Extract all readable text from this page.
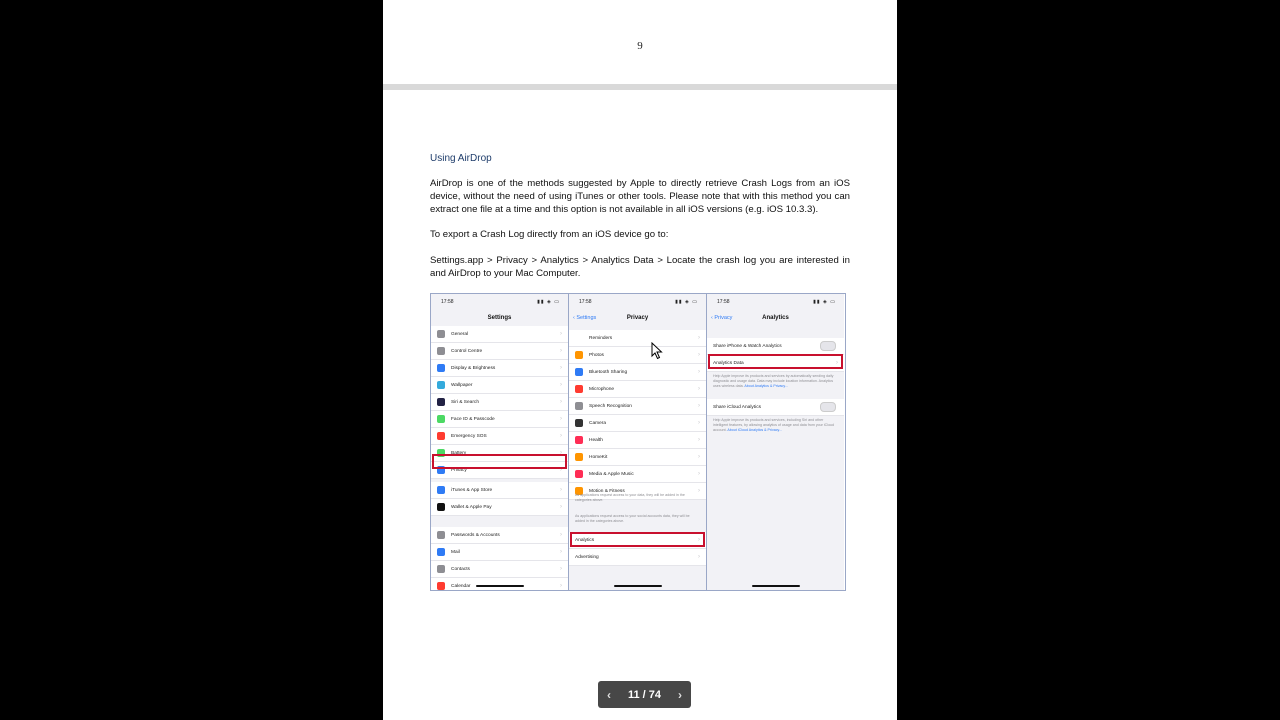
9
Using AirDrop
AirDrop is one of the methods suggested by Apple to directly retrieve Crash Logs from an iOS device, without the need of using iTunes or other tools. Please note that with this method you can extract one file at a time and this option is not available in all iOS versions (e.g. iOS 10.3.3).
To export a Crash Log directly from an iOS device go to:
Settings.app > Privacy > Analytics > Analytics Data > Locate the crash log you are interested in and AirDrop to your Mac Computer.
17:58	▮▮ ◈ ▭
Settings
General	›
Control Centre	›
Display & Brightness	›
Wallpaper	›
Siri & Search	›
Face ID & Passcode	›
Emergency SOS	›
Battery	›
Privacy	›
iTunes & App Store	›
Wallet & Apple Pay	›
Passwords & Accounts	›
Mail	›
Contacts	›
Calendar	›
17:58	▮▮ ◈ ▭
‹ Settings	Privacy
Reminders	›
Photos	›
Bluetooth Sharing	›
Microphone	›
Speech Recognition	›
Camera	›
Health	›
HomeKit	›
Media & Apple Music	›
Motion & Fitness	›
As applications request access to your data, they will be added in the categories above.
As applications request access to your social accounts data, they will be added in the categories above.
Analytics	›
Advertising	›
17:58	▮▮ ◈ ▭
‹ Privacy	Analytics
Share iPhone & Watch Analytics
Analytics Data	›
Help Apple improve its products and services by automatically sending daily diagnostic and usage data. Data may include location information. Analytics uses wireless data. About Analytics & Privacy...
Share iCloud Analytics
Help Apple improve its products and services, including Siri and other intelligent features, by allowing analytics of usage and data from your iCloud account. About iCloud Analytics & Privacy...
‹ 11 / 74 ›
